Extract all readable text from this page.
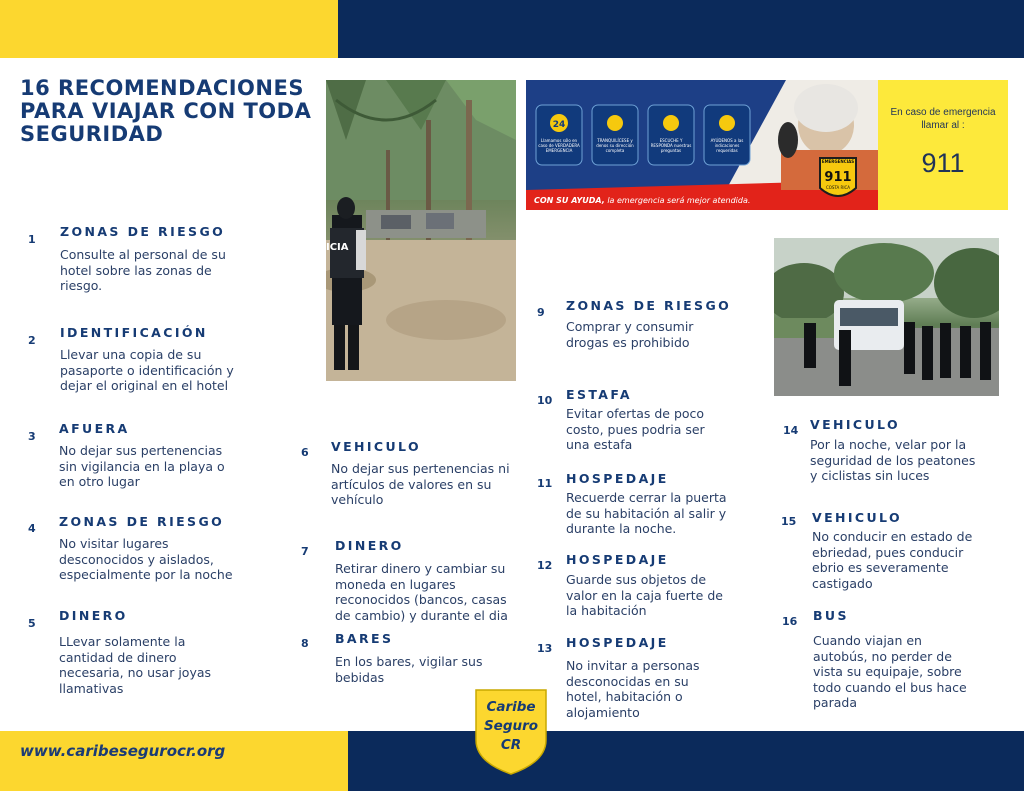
16 RECOMENDACIONES PARA VIAJAR CON TODA SEGURIDAD
ICIA
24
911
Llamamos sólo en caso de VERDADERA EMERGENCIA
TRANQUILÍCESE y denos su dirección completa
ESCUCHE Y RESPONDA nuestras preguntas
AYÚDENOS a las indicaciones requeridas
EMERGENCIAS
COSTA RICA
CON SU AYUDA, la emergencia será mejor atendida.
En caso de emergencia llamar al :
911
1
ZONAS DE RIESGO
Consulte al personal de su hotel sobre las zonas de riesgo.
2
IDENTIFICACIÓN
Llevar una copia de su pasaporte o identificación y dejar el original en el hotel
3
AFUERA
No dejar sus pertenencias sin vigilancia en la playa o en otro lugar
4 ZONAS DE RIESGO
No visitar lugares desconocidos y aislados, especialmente por la noche
5
DINERO
LLevar solamente la cantidad de dinero necesaria, no usar joyas llamativas
6 VEHICULO
No dejar sus pertenencias ni artículos de valores en su vehículo
7 DINERO
Retirar dinero y cambiar su moneda en lugares reconocidos (bancos, casas de cambio) y durante el dia
8 BARES
En los bares, vigilar sus bebidas
9 ZONAS DE RIESGO
Comprar y consumir drogas es prohibido
10 ESTAFA
Evitar ofertas de poco costo, pues podria ser una estafa
11 HOSPEDAJE
Recuerde cerrar la puerta de su habitación al salir y durante la noche.
12 HOSPEDAJE
Guarde sus objetos de valor en la caja fuerte de la habitación
13 HOSPEDAJE
No invitar a personas desconocidas en su hotel, habitación o alojamiento
14 VEHICULO
Por la noche, velar por la seguridad de los peatones y ciclistas sin luces
15 VEHICULO
No conducir en estado de ebriedad, pues conducir ebrio es severamente castigado
16 BUS
Cuando viajan en autobús, no perder de vista su equipaje, sobre todo cuando el bus hace parada
Caribe
Seguro
CR
www.caribesegurocr.org
